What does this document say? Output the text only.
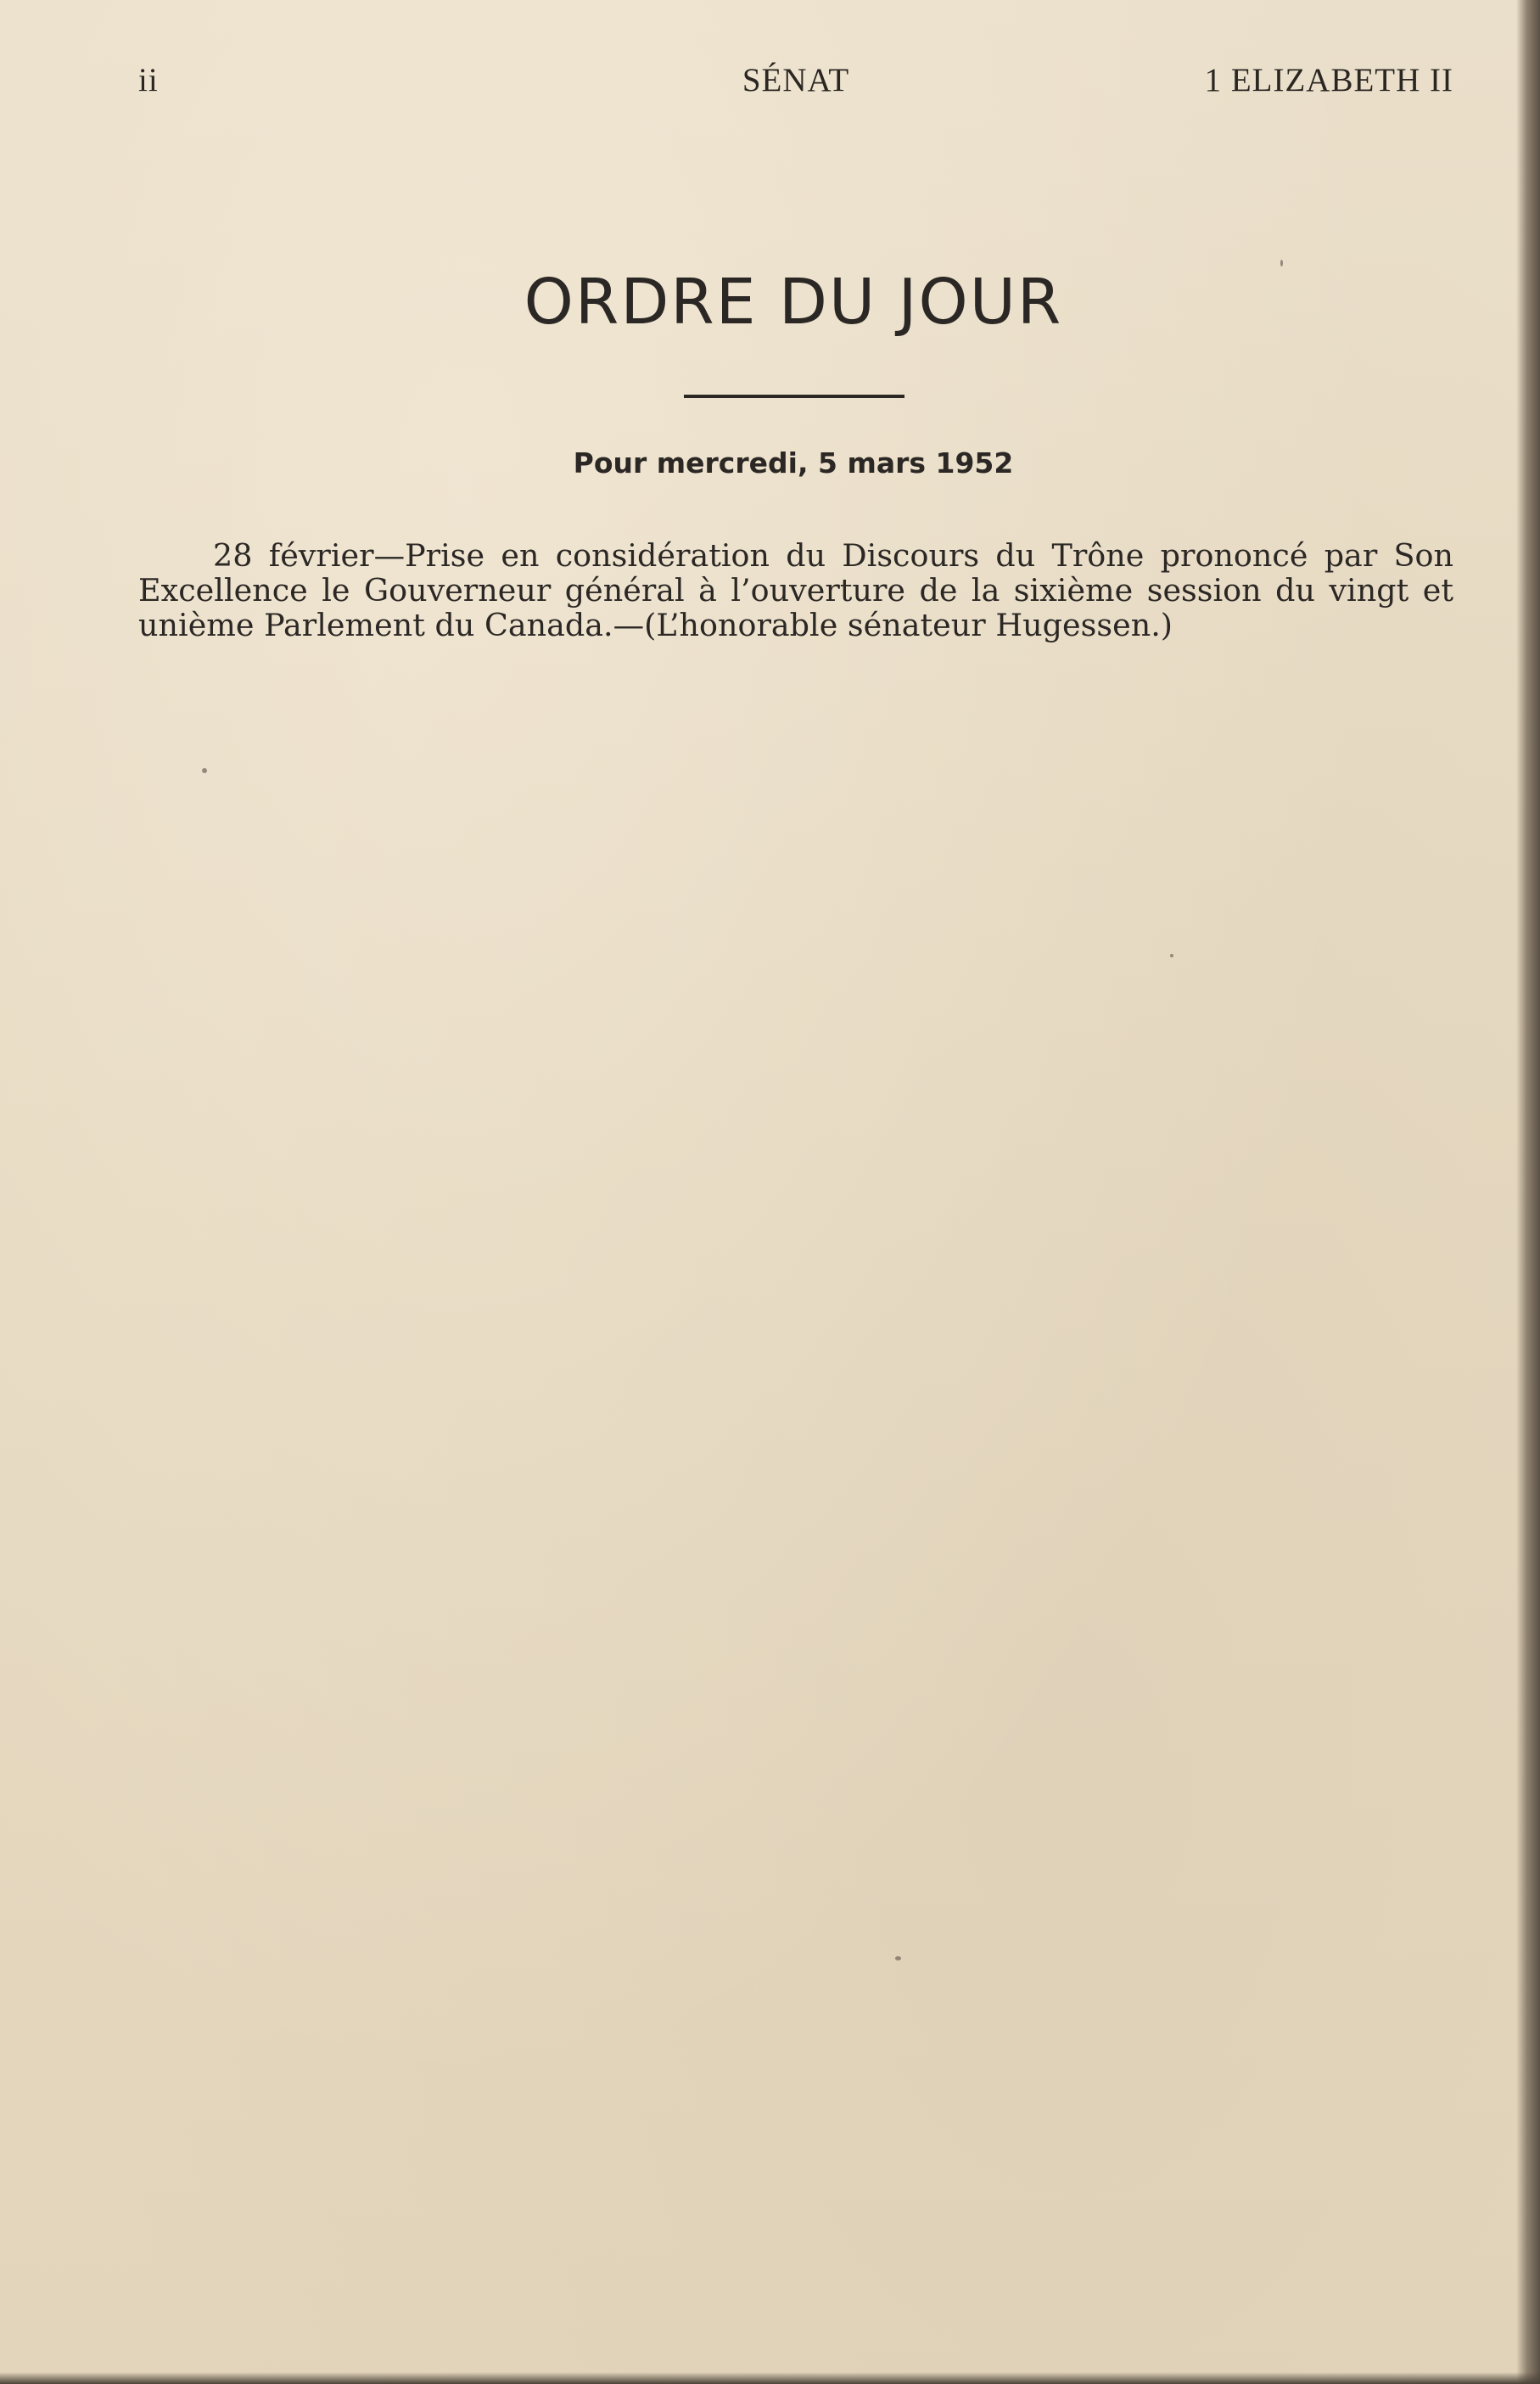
ii	SÉNAT	1 ELIZABETH II
ORDRE DU JOUR
Pour mercredi, 5 mars 1952

28 février—Prise en considération du Discours du Trône prononcé par Son Excellence le Gouverneur général à l’ouverture de la sixième session du vingt et unième Parlement du Canada.—(L’honorable sénateur Hugessen.)
